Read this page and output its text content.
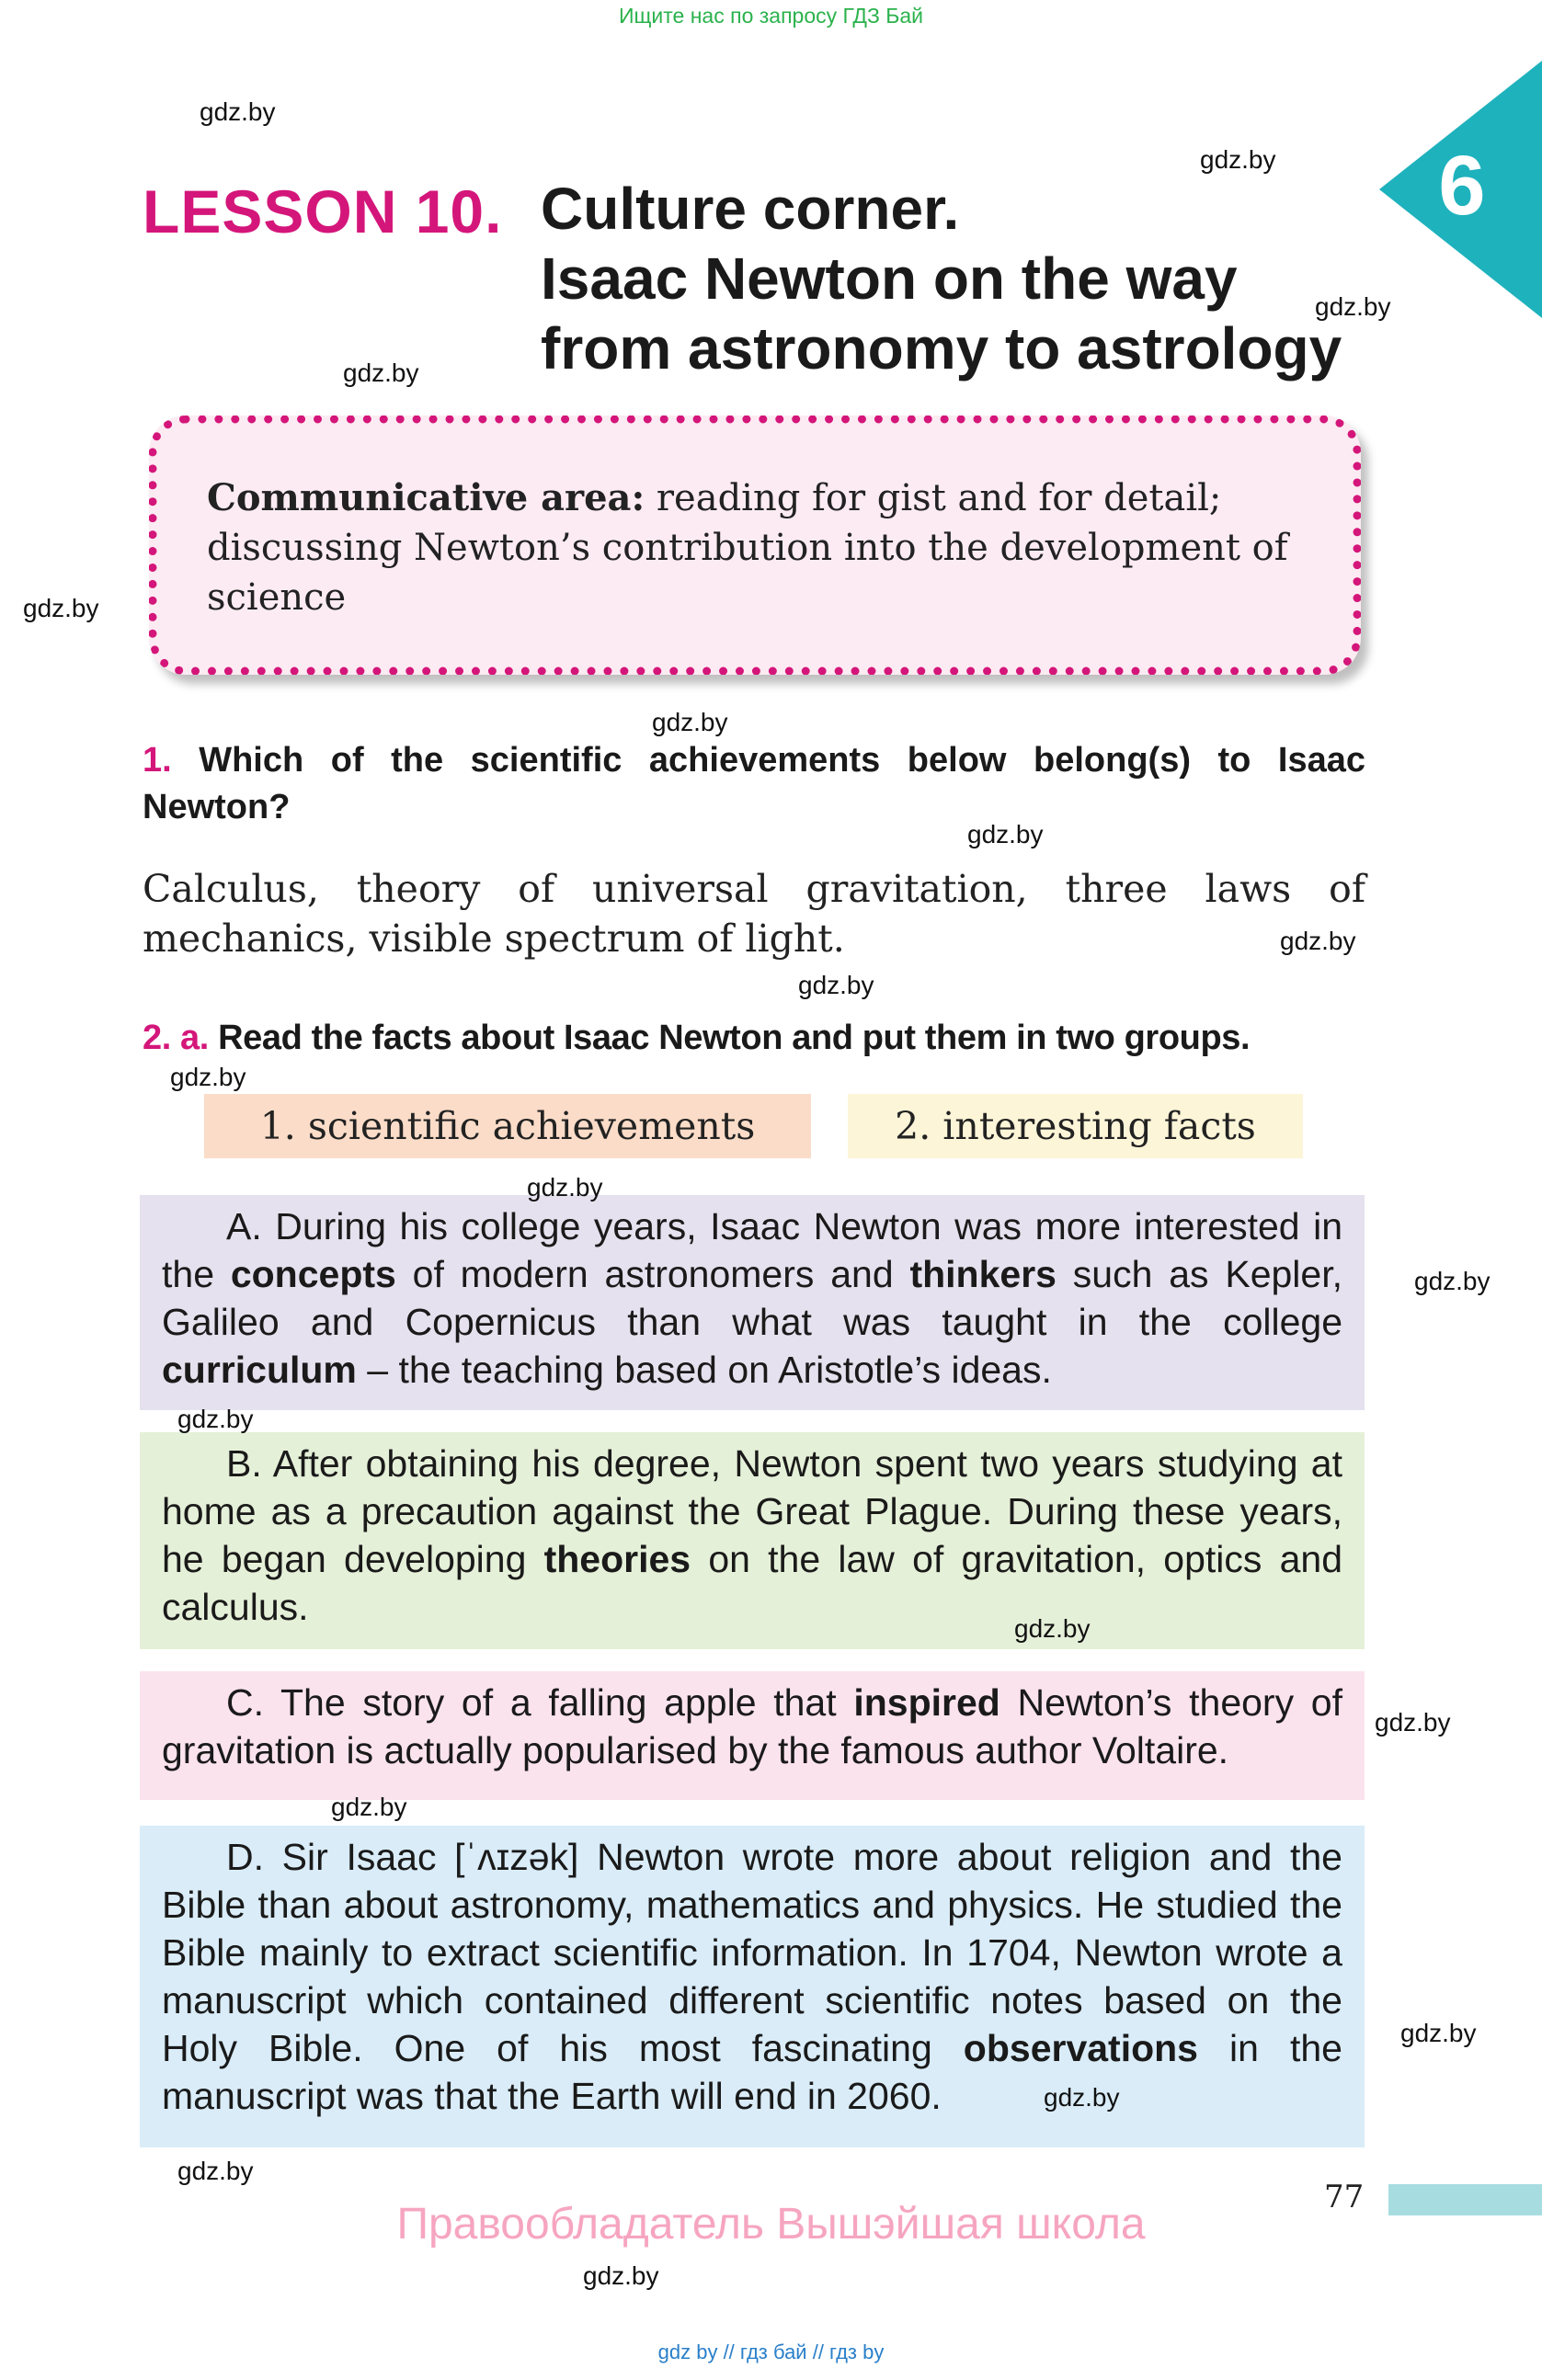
Ищите нас по запросу ГДЗ Бай
6
LESSON 10. Culture corner.
Isaac Newton on the way
from astronomy to astrology
Communicative area: reading for gist and for detail; discussing Newton’s contribution into the development of science
1. Which of the scientific achievements below belong(s) to Isaac Newton?
Calculus, theory of universal gravitation, three laws of mechanics, visible spectrum of light.
2. a. Read the facts about Isaac Newton and put them in two groups.
1. scientific achievements	2. interesting facts

A. During his college years, Isaac Newton was more interested in the concepts of modern astronomers and thinkers such as Kepler, Galileo and Copernicus than what was taught in the college curriculum – the teaching based on Aristotle’s ideas.

B. After obtaining his degree, Newton spent two years studying at home as a precaution against the Great Plague. During these years, he began developing theories on the law of gravitation, optics and calculus.

C. The story of a falling apple that inspired Newton’s theory of gravitation is actually popularised by the famous author Voltaire.

D. Sir Isaac [ˈʌɪzək] Newton wrote more about religion and the Bible than about astronomy, mathematics and physics. He studied the Bible mainly to extract scientific information. In 1704, Newton wrote a manuscript which contained different scientific notes based on the Holy Bible. One of his most fascinating observations in the manuscript was that the Earth will end in 2060.

77
Правообладатель Вышэйшая школа
gdz by // гдз бай // гдз by
gdz.by
gdz.by
gdz.by
gdz.by
gdz.by
gdz.by
gdz.by
gdz.by
gdz.by
gdz.by
gdz.by
gdz.by
gdz.by
gdz.by
gdz.by
gdz.by
gdz.by
gdz.by
gdz.by
gdz.by
